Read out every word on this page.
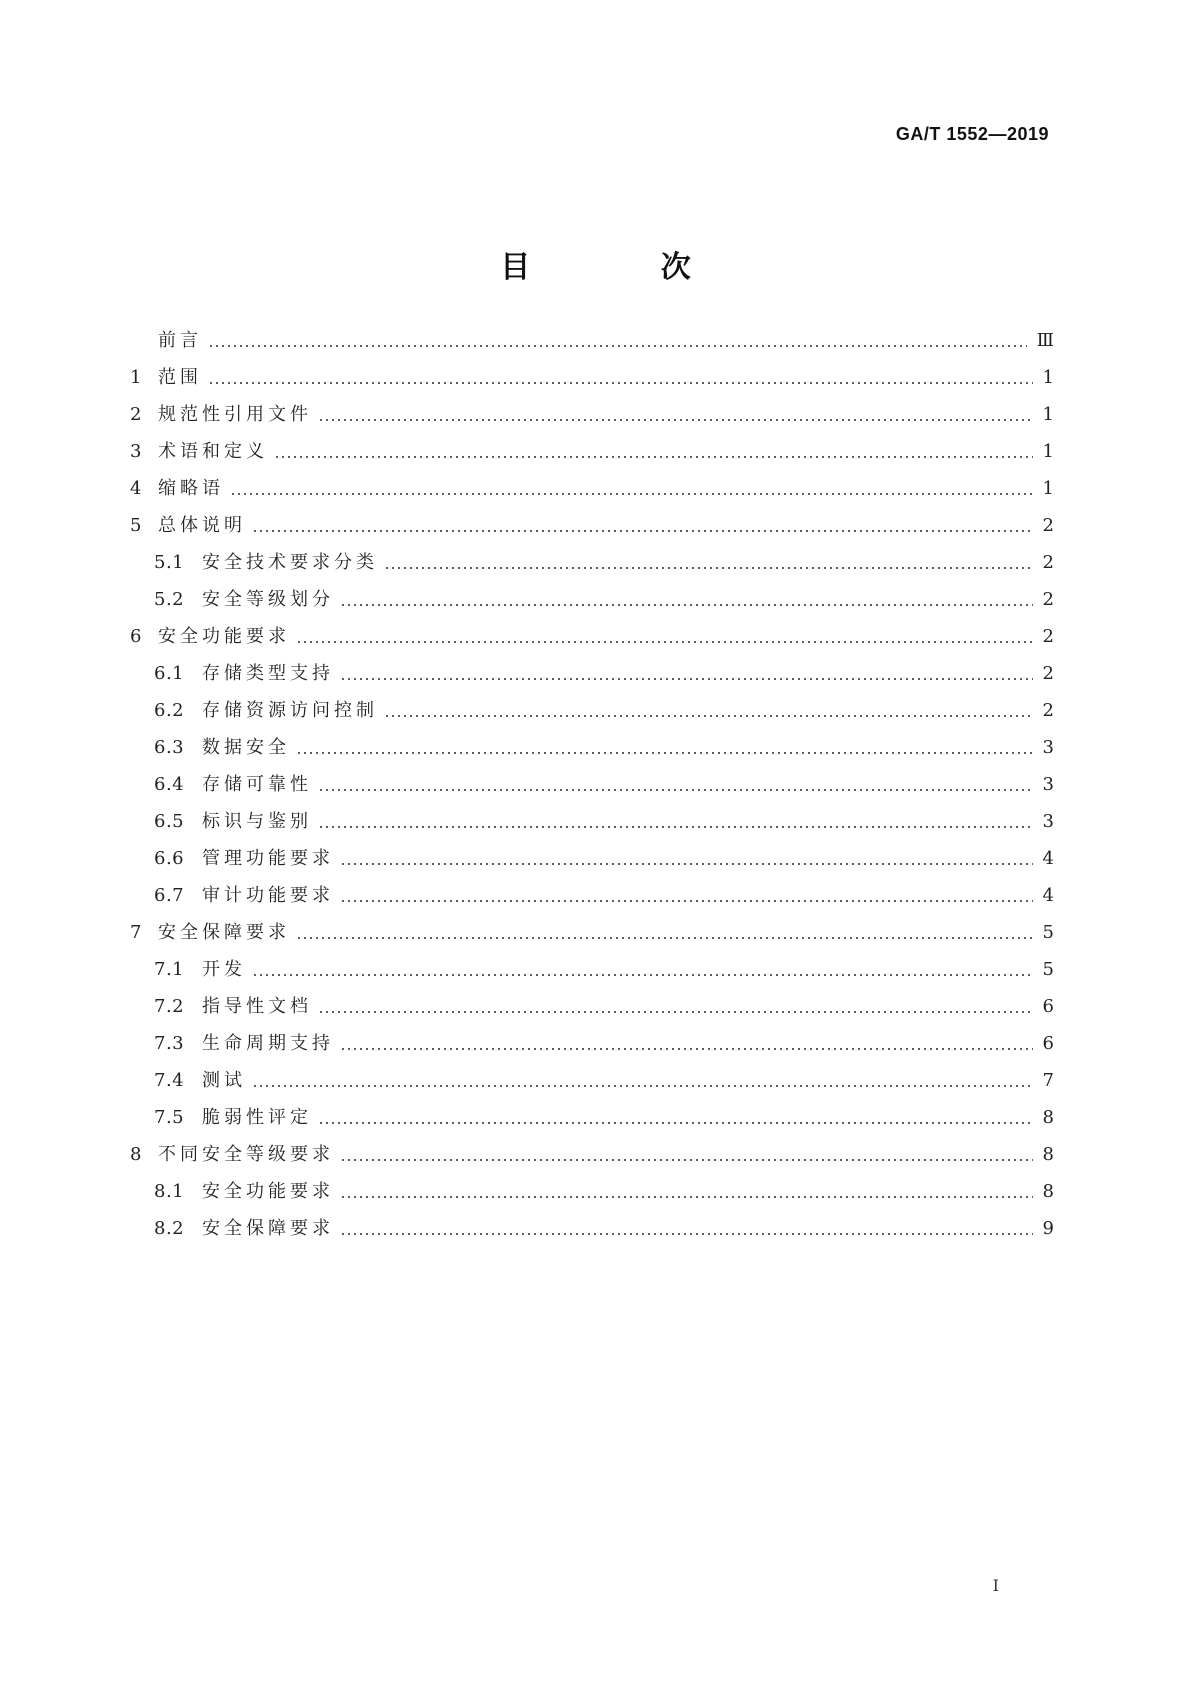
GA/T 1552—2019
目 次
前言	Ⅲ
1 范围	1
2 规范性引用文件	1
3 术语和定义	1
4 缩略语	1
5 总体说明	2
5.1 安全技术要求分类	2
5.2 安全等级划分	2
6 安全功能要求	2
6.1 存储类型支持	2
6.2 存储资源访问控制	2
6.3 数据安全	3
6.4 存储可靠性	3
6.5 标识与鉴别	3
6.6 管理功能要求	4
6.7 审计功能要求	4
7 安全保障要求	5
7.1 开发	5
7.2 指导性文档	6
7.3 生命周期支持	6
7.4 测试	7
7.5 脆弱性评定	8
8 不同安全等级要求	8
8.1 安全功能要求	8
8.2 安全保障要求	9
I
